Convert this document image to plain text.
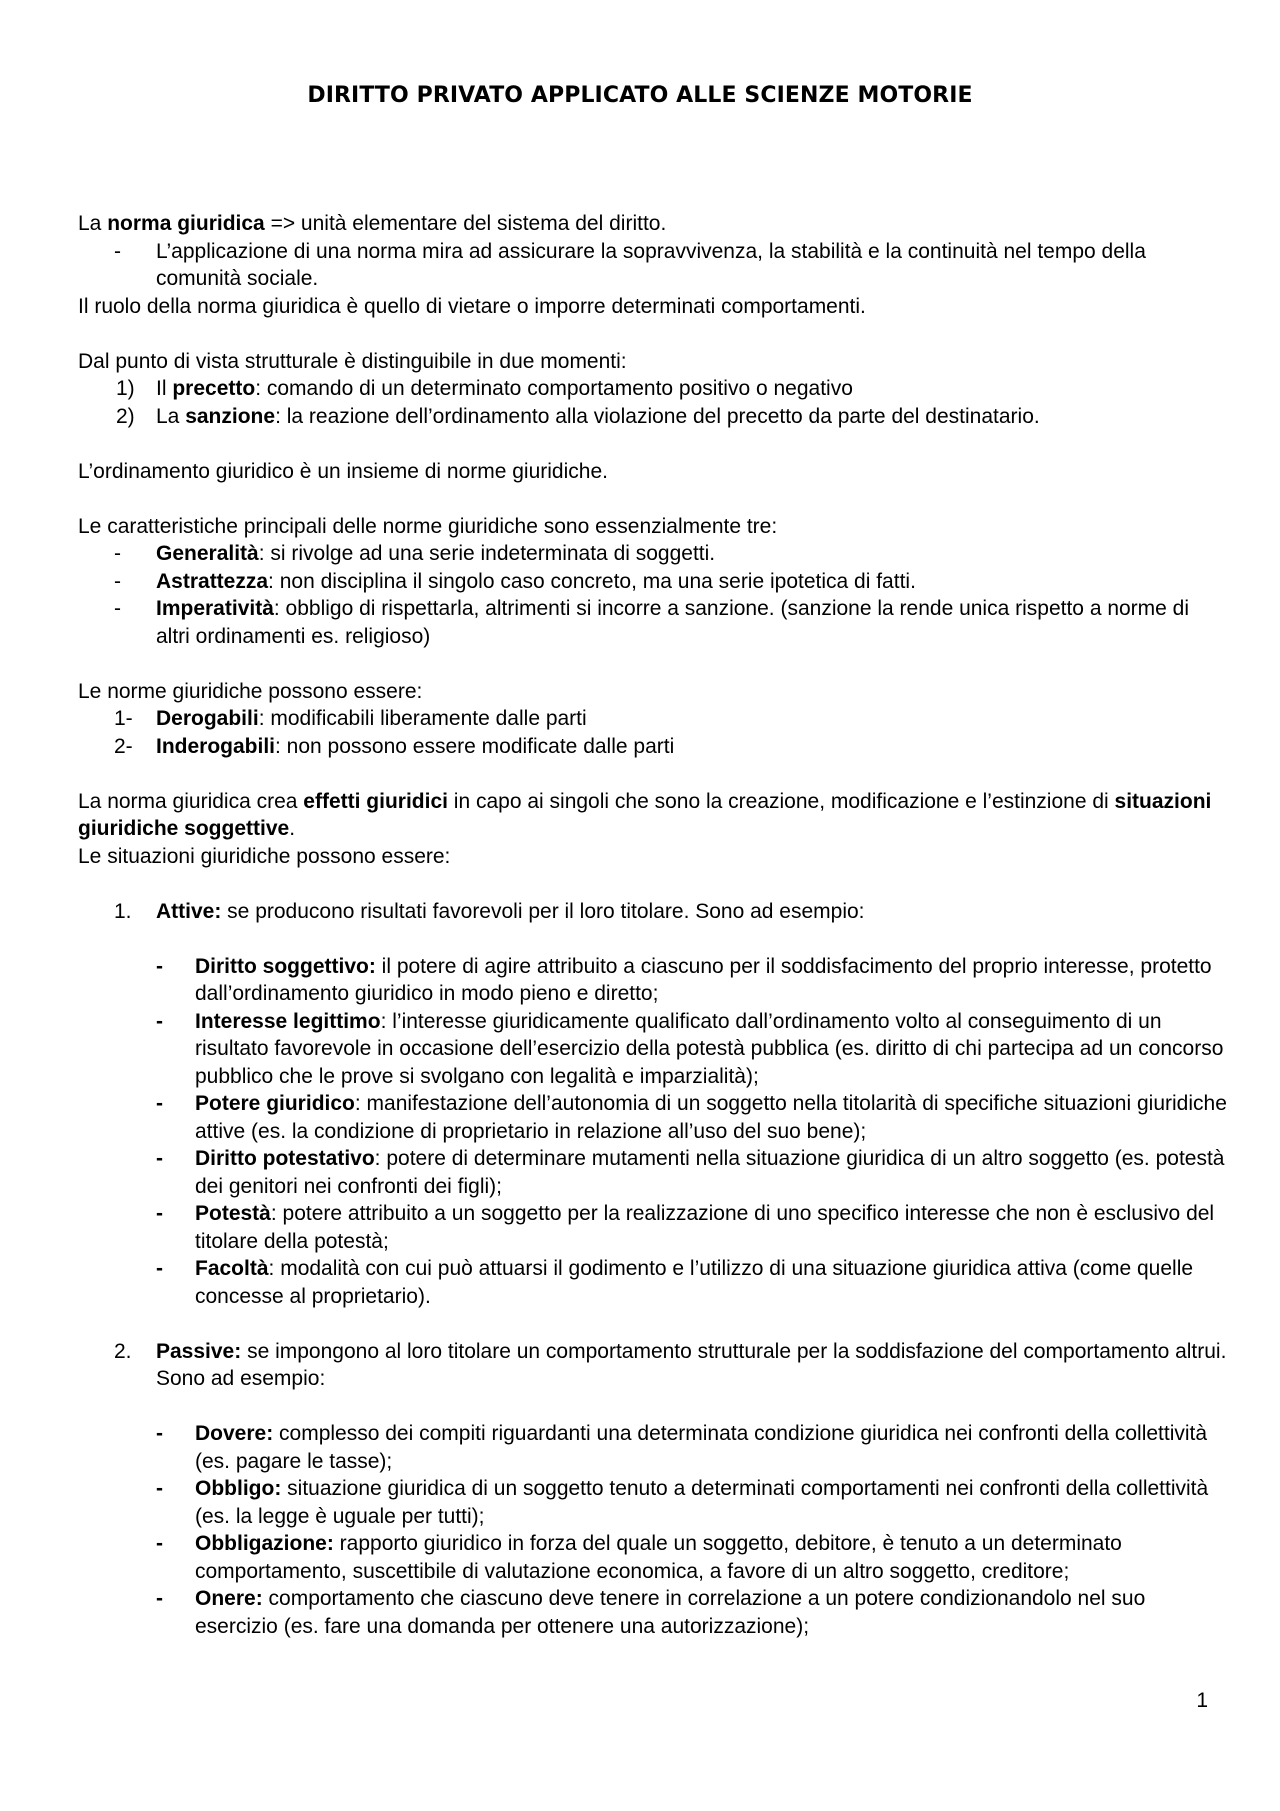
DIRITTO PRIVATO APPLICATO ALLE SCIENZE MOTORIE

La norma giuridica => unità elementare del sistema del diritto.

- L’applicazione di una norma mira ad assicurare la sopravvivenza, la stabilità e la continuità nel tempo della comunità sociale.

Il ruolo della norma giuridica è quello di vietare o imporre determinati comportamenti.

Dal punto di vista strutturale è distinguibile in due momenti:

1) Il precetto: comando di un determinato comportamento positivo o negativo
2) La sanzione: la reazione dell’ordinamento alla violazione del precetto da parte del destinatario.

L’ordinamento giuridico è un insieme di norme giuridiche.

Le caratteristiche principali delle norme giuridiche sono essenzialmente tre:

- Generalità: si rivolge ad una serie indeterminata di soggetti.
- Astrattezza: non disciplina il singolo caso concreto, ma una serie ipotetica di fatti.
- Imperatività: obbligo di rispettarla, altrimenti si incorre a sanzione. (sanzione la rende unica rispetto a norme di altri ordinamenti es. religioso)

Le norme giuridiche possono essere:

1- Derogabili: modificabili liberamente dalle parti
2- Inderogabili: non possono essere modificate dalle parti

La norma giuridica crea effetti giuridici in capo ai singoli che sono la creazione, modificazione e l’estinzione di situazioni giuridiche soggettive.

Le situazioni giuridiche possono essere:

1. Attive: se producono risultati favorevoli per il loro titolare. Sono ad esempio:
- Diritto soggettivo: il potere di agire attribuito a ciascuno per il soddisfacimento del proprio interesse, protetto dall’ordinamento giuridico in modo pieno e diretto;
- Interesse legittimo: l’interesse giuridicamente qualificato dall’ordinamento volto al conseguimento di un risultato favorevole in occasione dell’esercizio della potestà pubblica (es. diritto di chi partecipa ad un concorso pubblico che le prove si svolgano con legalità e imparzialità);
- Potere giuridico: manifestazione dell’autonomia di un soggetto nella titolarità di specifiche situazioni giuridiche attive (es. la condizione di proprietario in relazione all’uso del suo bene);
- Diritto potestativo: potere di determinare mutamenti nella situazione giuridica di un altro soggetto (es. potestà dei genitori nei confronti dei figli);
- Potestà: potere attribuito a un soggetto per la realizzazione di uno specifico interesse che non è esclusivo del titolare della potestà;
- Facoltà: modalità con cui può attuarsi il godimento e l’utilizzo di una situazione giuridica attiva (come quelle concesse al proprietario).
2. Passive: se impongono al loro titolare un comportamento strutturale per la soddisfazione del comportamento altrui. Sono ad esempio:
- Dovere: complesso dei compiti riguardanti una determinata condizione giuridica nei confronti della collettività (es. pagare le tasse);
- Obbligo: situazione giuridica di un soggetto tenuto a determinati comportamenti nei confronti della collettività (es. la legge è uguale per tutti);
- Obbligazione: rapporto giuridico in forza del quale un soggetto, debitore, è tenuto a un determinato comportamento, suscettibile di valutazione economica, a favore di un altro soggetto, creditore;
- Onere: comportamento che ciascuno deve tenere in correlazione a un potere condizionandolo nel suo esercizio (es. fare una domanda per ottenere una autorizzazione);
1
